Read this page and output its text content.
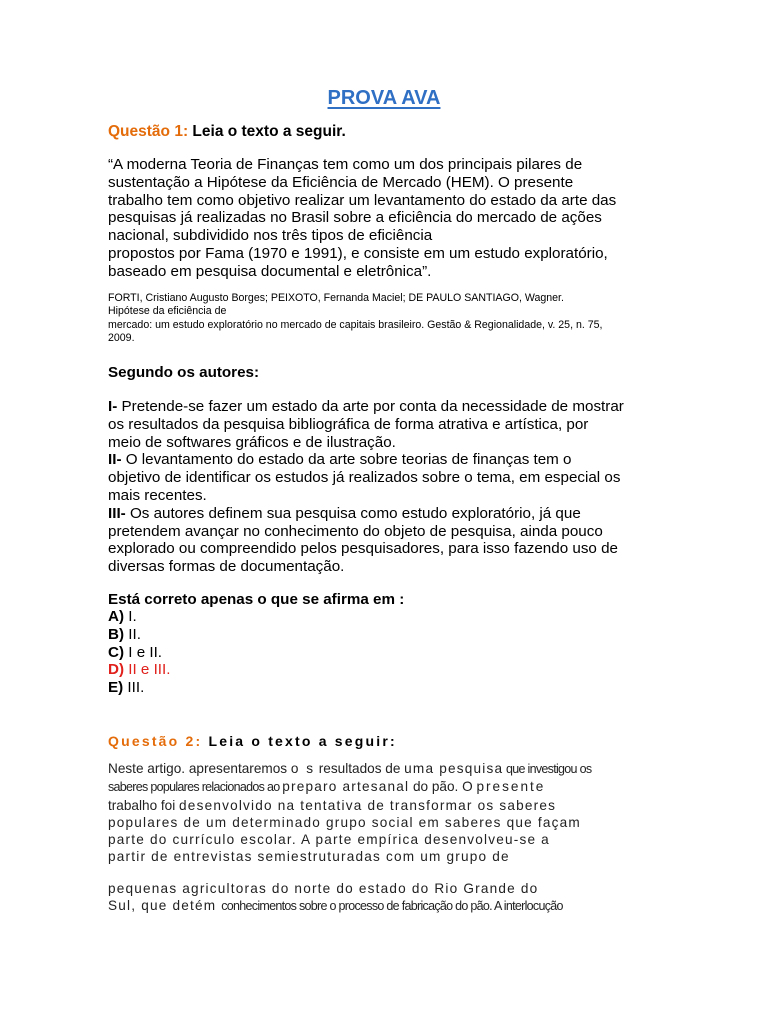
PROVA AVA
Questão 1: Leia o texto a seguir.
“A moderna Teoria de Finanças tem como um dos principais pilares de
sustentação a Hipótese da Eficiência de Mercado (HEM). O presente
trabalho tem como objetivo realizar um levantamento do estado da arte das
pesquisas já realizadas no Brasil sobre a eficiência do mercado de ações
nacional, subdividido nos três tipos de eficiência
propostos por Fama (1970 e 1991), e consiste em um estudo exploratório,
baseado em pesquisa documental e eletrônica”.
FORTI, Cristiano Augusto Borges; PEIXOTO, Fernanda Maciel; DE PAULO SANTIAGO, Wagner.
Hipótese da eficiência de
mercado: um estudo exploratório no mercado de capitais brasileiro. Gestão & Regionalidade, v. 25, n. 75,
2009.
Segundo os autores:
I- Pretende-se fazer um estado da arte por conta da necessidade de mostrar
os resultados da pesquisa bibliográfica de forma atrativa e artística, por
meio de softwares gráficos e de ilustração.
II- O levantamento do estado da arte sobre teorias de finanças tem o
objetivo de identificar os estudos já realizados sobre o tema, em especial os
mais recentes.
III- Os autores definem sua pesquisa como estudo exploratório, já que
pretendem avançar no conhecimento do objeto de pesquisa, ainda pouco
explorado ou compreendido pelos pesquisadores, para isso fazendo uso de
diversas formas de documentação.
Está correto apenas o que se afirma em :
A) I.
B) II.
C) I e II.
D) II e III.
E) III.
Questão 2: Leia o texto a seguir:
Neste artigo. apresentaremos o s resultados de uma pesquisa que investigou os
saberes populares relacionados ao preparo artesanal do pão. O presente
trabalho foi desenvolvido na tentativa de transformar os saberes
populares de um determinado grupo social em saberes que façam
parte do currículo escolar. A parte empírica desenvolveu-se a
partir de entrevistas semiestruturadas com um grupo de
pequenas agricultoras do norte do estado do Rio Grande do
Sul, que detém conhecimentos sobre o processo de fabricação do pão. A interlocução
